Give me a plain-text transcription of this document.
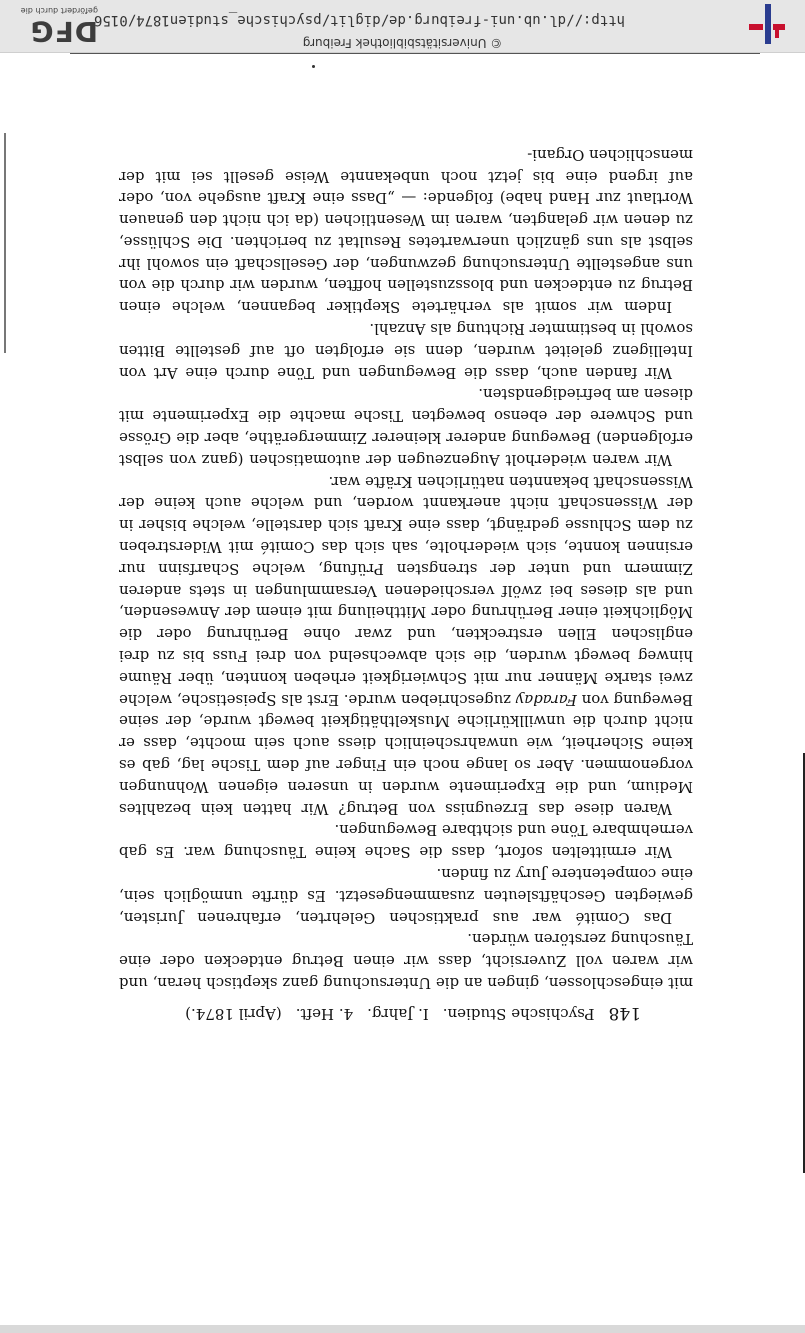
148
Psychische Studien.
I. Jahrg.
4. Heft.
(April 1874.)

mit eingeschlossen, gingen an die Untersuchung ganz skeptisch heran, und wir waren voll Zuversicht, dass wir einen Betrug entdecken oder eine Täuschung zerstören würden.

Das Comité war aus praktischen Gelehrten, erfahrenen Juristen, gewiegten Geschäftsleuten zusammengesetzt. Es dürfte unmöglich sein, eine competentere Jury zu finden.

Wir ermittelten sofort, dass die Sache keine Täuschung war. Es gab vernehmbare Töne und sichtbare Bewegungen.

Waren diese das Erzeugniss von Betrug? Wir hatten kein bezahltes Medium, und die Experimente wurden in unseren eigenen Wohnungen vorgenommen. Aber so lange noch ein Finger auf dem Tische lag, gab es keine Sicherheit, wie unwahrscheinlich diess auch sein mochte, dass er nicht durch die unwillkürliche Muskelthätigkeit bewegt wurde, der seine Bewegung von Faraday zugeschrieben wurde. Erst als Speisetische, welche zwei starke Männer nur mit Schwierigkeit erheben konnten, über Räume hinweg bewegt wurden, die sich abwechselnd von drei Fuss bis zu drei englischen Ellen erstreckten, und zwar ohne Berührung oder die Möglichkeit einer Berührung oder Mittheilung mit einem der Anwesenden, und als dieses bei zwölf verschiedenen Versammlungen in stets anderen Zimmern und unter der strengsten Prüfung, welche Scharfsinn nur ersinnen konnte, sich wiederholte, sah sich das Comité mit Widerstreben zu dem Schlusse gedrängt, dass eine Kraft sich darstelle, welche bisher in der Wissenschaft nicht anerkannt worden, und welche auch keine der Wissenschaft bekannten natürlichen Kräfte war.

Wir waren wiederholt Augenzeugen der automatischen (ganz von selbst erfolgenden) Bewegung anderer kleinerer Zimmergeräthe, aber die Grösse und Schwere der ebenso bewegten Tische machte die Experimente mit diesen am befriedigendsten.

Wir fanden auch, dass die Bewegungen und Töne durch eine Art von Intelligenz geleitet wurden, denn sie erfolgten oft auf gestellte Bitten sowohl in bestimmter Richtung als Anzahl.

Indem wir somit als verhärtete Skeptiker begannen, welche einen Betrug zu entdecken und blosszustellen hofften, wurden wir durch die von uns angestellte Untersuchung gezwungen, der Gesellschaft ein sowohl ihr selbst als uns gänzlich unerwartetes Resultat zu berichten. Die Schlüsse, zu denen wir gelangten, waren im Wesentlichen (da ich nicht den genauen Wortlaut zur Hand habe) folgende: — „Dass eine Kraft ausgehe von, oder auf irgend eine bis jetzt noch unbekannte Weise gesellt sei mit der menschlichen Organi-

© Universitätsbibliothek Freiburg
http://dl.ub.uni-freiburg.de/diglit/psychische_studien1874/0156
DFG
gefördert durch die
